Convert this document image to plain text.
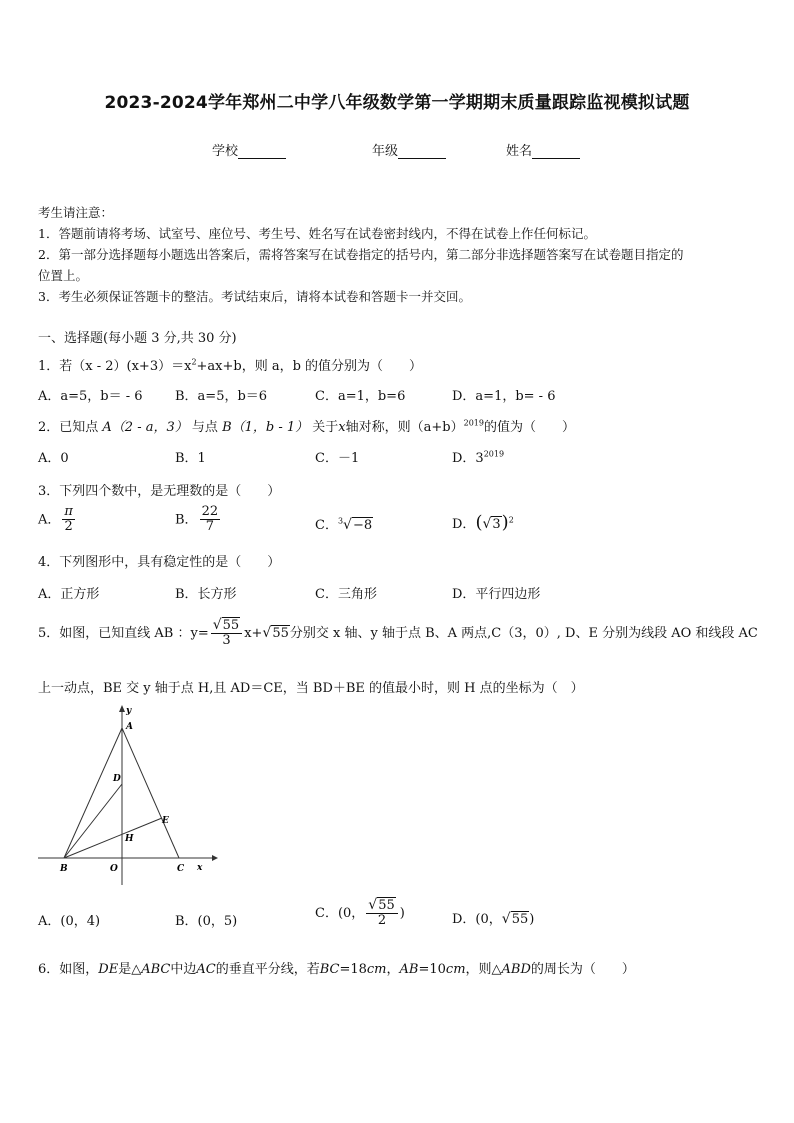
2023-2024学年郑州二中学八年级数学第一学期期末质量跟踪监视模拟试题
学校	年级	姓名
考生请注意：
1．答题前请将考场、试室号、座位号、考生号、姓名写在试卷密封线内，不得在试卷上作任何标记。
2．第一部分选择题每小题选出答案后，需将答案写在试卷指定的括号内，第二部分非选择题答案写在试卷题目指定的
位置上。
3．考生必须保证答题卡的整洁。考试结束后，请将本试卷和答题卡一并交回。
一、选择题(每小题 3 分,共 30 分)
1．若$(x - 2)(x+3)=x^2+ax+b$，则 a，b 的值分别为（　　）
A．a=5，b＝ - 6 B．a=5，b＝6	C．a=1，b=6	D．a=1，b= - 6
2．已知点 A（2 - a，3） 与点 B（1，b - 1） 关于x轴对称，则$(a+b)^{2019}$的值为（　　）
A．0	B．1	C．－1	D．$3^{2019}$
3．下列四个数中，是无理数的是（　　）
A． $\frac{\pi}{2}$	B． $\frac{22}{7}$	C．$^3$√−8	D．$(√3)^2$
4．下列图形中，具有稳定性的是（　　）
A．正方形	B．长方形	C．三角形	D．平行四边形
5．如图，已知直线 AB ：$y= \frac{√55}{3} x+√55$分别交 x 轴、y 轴于点 B、A 两点,C（3，0）, D、E 分别为线段 AO 和线段 AC
上一动点，BE 交 y 轴于点 H,且 AD＝CE，当 BD＋BE 的值最小时，则 H 点的坐标为（　）
y
A
D
E
H
B	O	C x
A．(0，4)	B．(0，5)
C．(0， $\frac{√55}{2}$ )	D．(0，√55)
6．如图，DE是△ABC中边AC的垂直平分线，若BC=18cm，AB=10cm，则△ABD的周长为（　　）
